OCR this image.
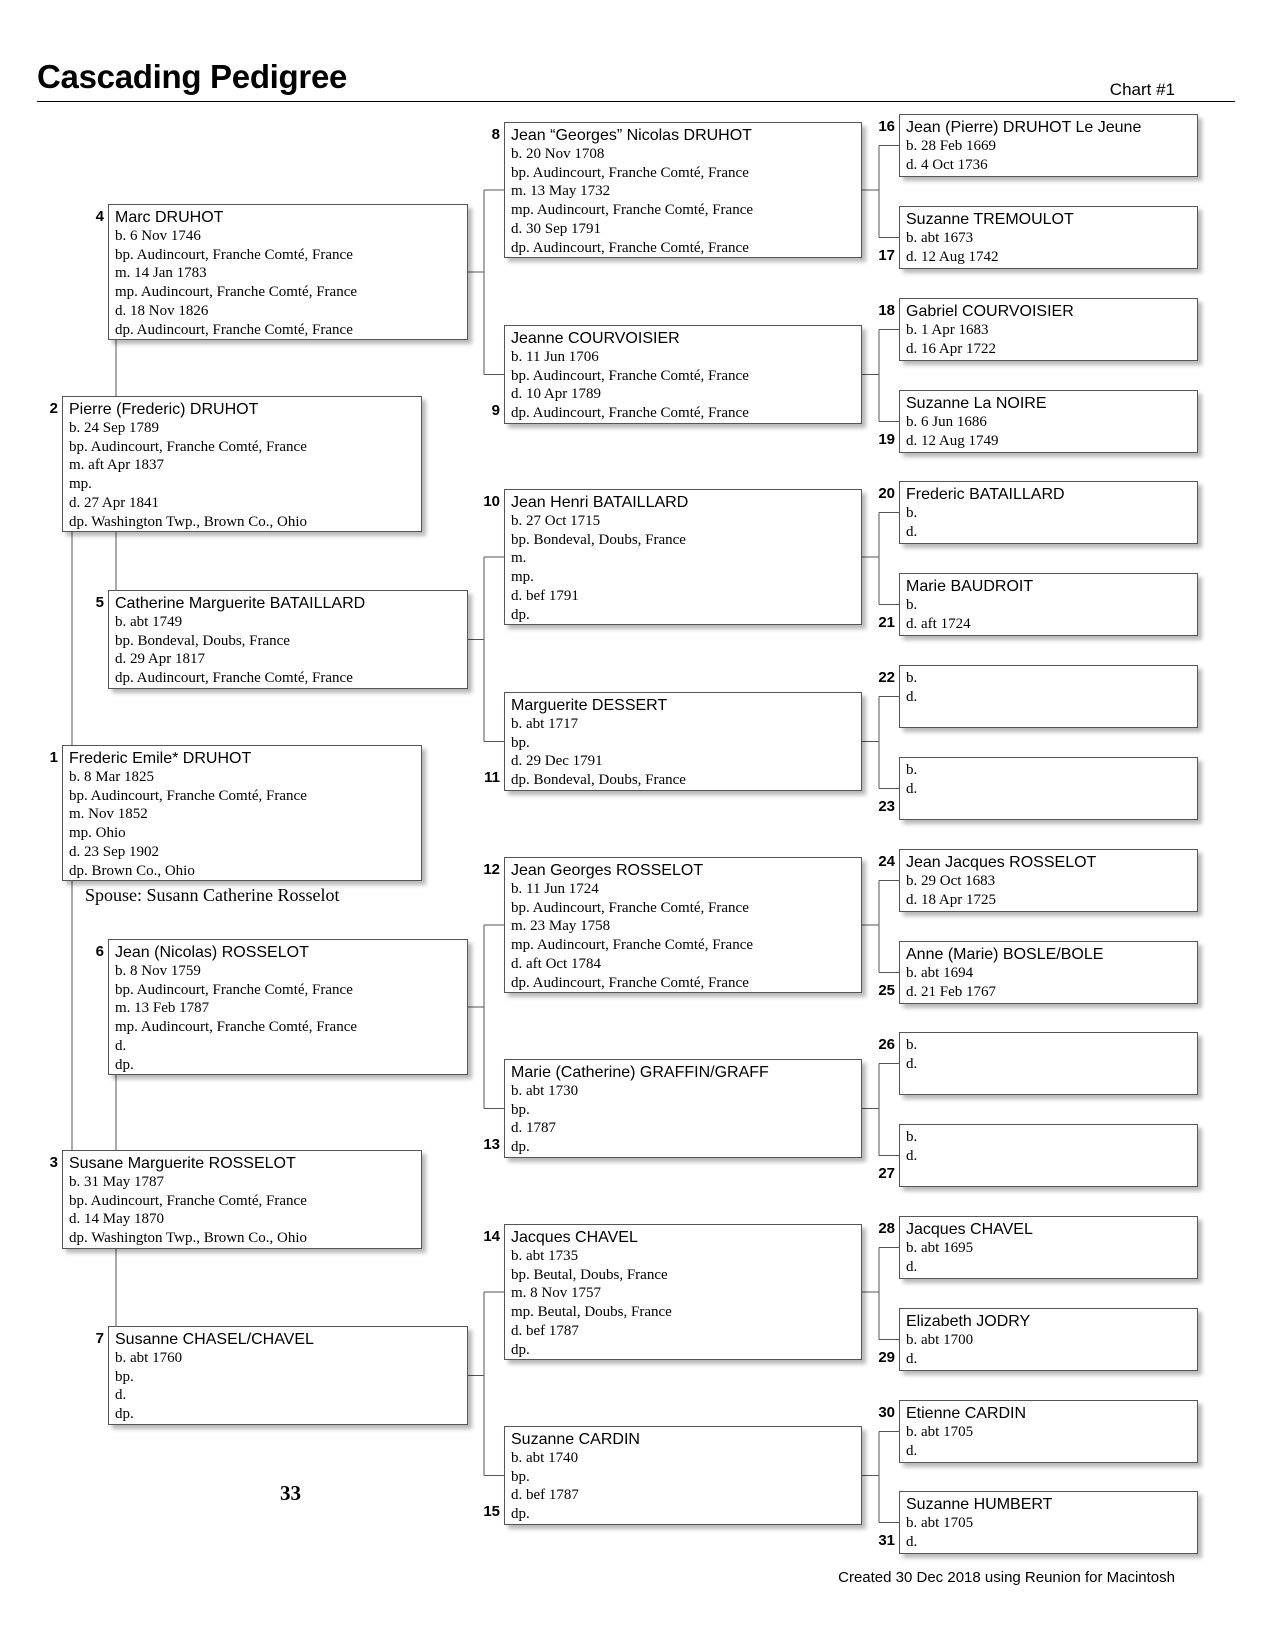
Cascading Pedigree	Chart #1
Frederic Emile* DRUHOT
b. 8 Mar 1825
bp. Audincourt, Franche Comté, France
m. Nov 1852
mp. Ohio
d. 23 Sep 1902
dp. Brown Co., Ohio
1
Pierre (Frederic) DRUHOT
b. 24 Sep 1789
bp. Audincourt, Franche Comté, France
m. aft Apr 1837
mp.
d. 27 Apr 1841
dp. Washington Twp., Brown Co., Ohio
2
Susane Marguerite ROSSELOT
b. 31 May 1787
bp. Audincourt, Franche Comté, France
d. 14 May 1870
dp. Washington Twp., Brown Co., Ohio
3
Marc DRUHOT
b. 6 Nov 1746
bp. Audincourt, Franche Comté, France
m. 14 Jan 1783
mp. Audincourt, Franche Comté, France
d. 18 Nov 1826
dp. Audincourt, Franche Comté, France
4
Catherine Marguerite BATAILLARD
b. abt 1749
bp. Bondeval, Doubs, France
d. 29 Apr 1817
dp. Audincourt, Franche Comté, France
5
Jean (Nicolas) ROSSELOT
b. 8 Nov 1759
bp. Audincourt, Franche Comté, France
m. 13 Feb 1787
mp. Audincourt, Franche Comté, France
d.
dp.
6
Susanne CHASEL/CHAVEL
b. abt 1760
bp.
d.
dp.
7
Jean “Georges” Nicolas DRUHOT
b. 20 Nov 1708
bp. Audincourt, Franche Comté, France
m. 13 May 1732
mp. Audincourt, Franche Comté, France
d. 30 Sep 1791
dp. Audincourt, Franche Comté, France
8
Jeanne COURVOISIER
b. 11 Jun 1706
bp. Audincourt, Franche Comté, France
d. 10 Apr 1789
dp. Audincourt, Franche Comté, France
9
Jean Henri BATAILLARD
b. 27 Oct 1715
bp. Bondeval, Doubs, France
m.
mp.
d. bef 1791
dp.
10
Marguerite DESSERT
b. abt 1717
bp.
d. 29 Dec 1791
dp. Bondeval, Doubs, France
11
Jean Georges ROSSELOT
b. 11 Jun 1724
bp. Audincourt, Franche Comté, France
m. 23 May 1758
mp. Audincourt, Franche Comté, France
d. aft Oct 1784
dp. Audincourt, Franche Comté, France
12
Marie (Catherine) GRAFFIN/GRAFF
b. abt 1730
bp.
d. 1787
dp.
13
Jacques CHAVEL
b. abt 1735
bp. Beutal, Doubs, France
m. 8 Nov 1757
mp. Beutal, Doubs, France
d. bef 1787
dp.
14
Suzanne CARDIN
b. abt 1740
bp.
d. bef 1787
dp.
15
Jean (Pierre) DRUHOT Le Jeune
b. 28 Feb 1669
d. 4 Oct 1736
16
Suzanne TREMOULOT
b. abt 1673
d. 12 Aug 1742
17
Gabriel COURVOISIER
b. 1 Apr 1683
d. 16 Apr 1722
18
Suzanne La NOIRE
b. 6 Jun 1686
d. 12 Aug 1749
19
Frederic BATAILLARD
b.
d.
20
Marie BAUDROIT
b.
d. aft 1724
21
b.
d.
22
b.
d.
23
Jean Jacques ROSSELOT
b. 29 Oct 1683
d. 18 Apr 1725
24
Anne (Marie) BOSLE/BOLE
b. abt 1694
d. 21 Feb 1767
25
b.
d.
26
b.
d.
27
Jacques CHAVEL
b. abt 1695
d.
28
Elizabeth JODRY
b. abt 1700
d.
29
Etienne CARDIN
b. abt 1705
d.
30
Suzanne HUMBERT
b. abt 1705
d.
31
Spouse: Susann Catherine Rosselot
33
Created 30 Dec 2018 using Reunion for Macintosh
